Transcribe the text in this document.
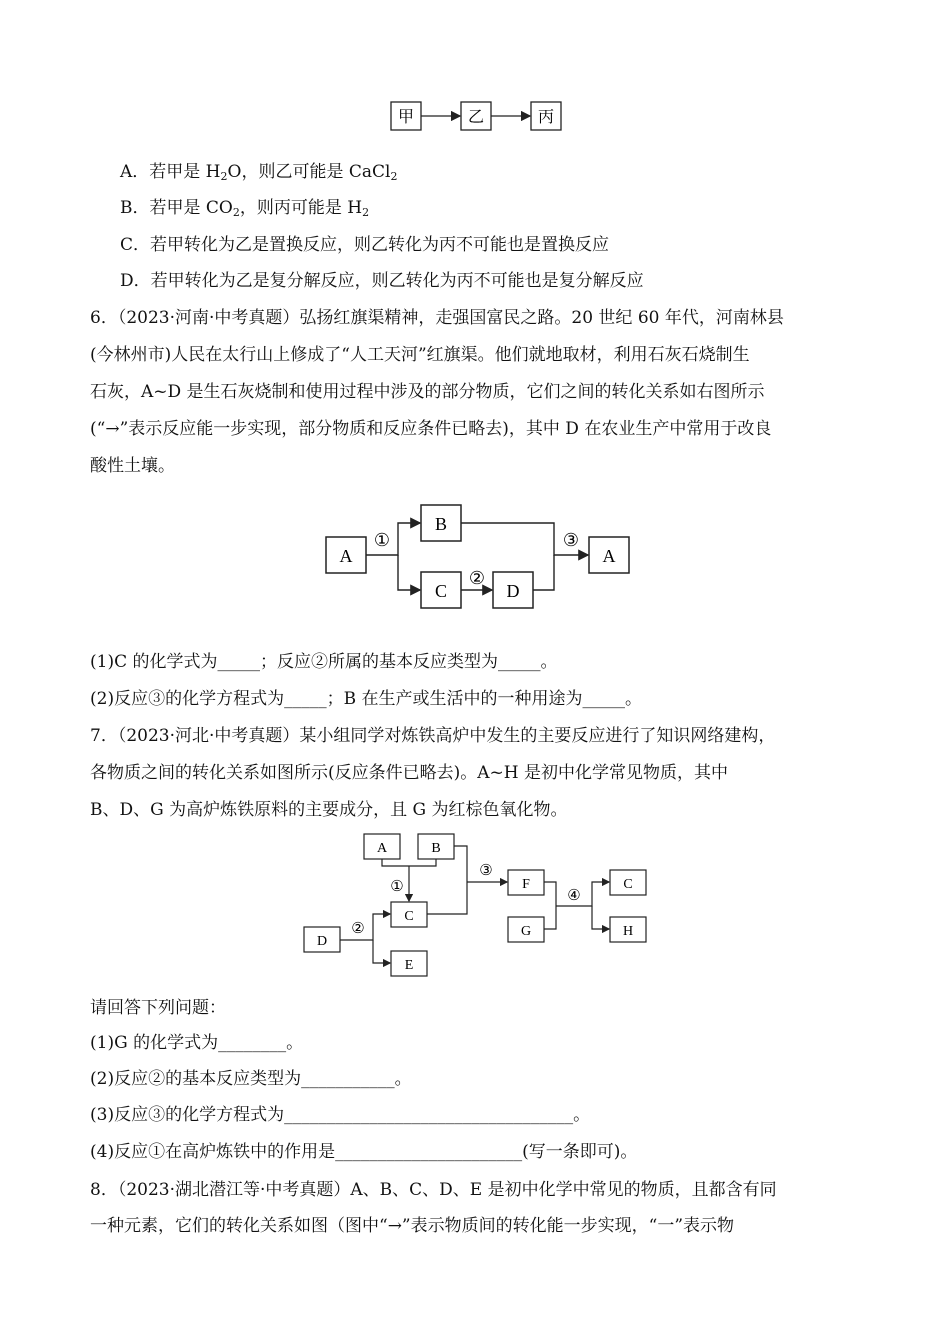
甲	乙	丙
A．若甲是 $H_2O$，则乙可能是 CaCl$_2$
B．若甲是 $CO_2$，则丙可能是 $H_2$
C．若甲转化为乙是置换反应，则乙转化为丙不可能也是置换反应
D．若甲转化为乙是复分解反应，则乙转化为丙不可能也是复分解反应
6．（2023·河南·中考真题）弘扬红旗渠精神，走强国富民之路。20 世纪 60 年代，河南林县
(今林州市)人民在太行山上修成了“人工天河”红旗渠。他们就地取材，利用石灰石烧制生
石灰，A~D 是生石灰烧制和使用过程中涉及的部分物质，它们之间的转化关系如右图所示
(“→”表示反应能一步实现，部分物质和反应条件已略去)，其中 D 在农业生产中常用于改良
酸性土壤。
A
B
C	D
A
①
②
③
(1)C 的化学式为_____；反应②所属的基本反应类型为_____。
(2)反应③的化学方程式为_____；B 在生产或生活中的一种用途为_____。
7．（2023·河北·中考真题）某小组同学对炼铁高炉中发生的主要反应进行了知识网络建构，
各物质之间的转化关系如图所示(反应条件已略去)。A~H 是初中化学常见物质，其中
B、D、G 为高炉炼铁原料的主要成分，且 G 为红棕色氧化物。
A	B
C
D
E
F
G
C
H
①
②
③
④
请回答下列问题：
(1)G 的化学式为________。
(2)反应②的基本反应类型为___________。
(3)反应③的化学方程式为__________________________________。
(4)反应①在高炉炼铁中的作用是______________________(写一条即可)。
8．（2023·湖北潜江等·中考真题）A、B、C、D、E 是初中化学中常见的物质，且都含有同
一种元素，它们的转化关系如图（图中“→”表示物质间的转化能一步实现，“一”表示物
